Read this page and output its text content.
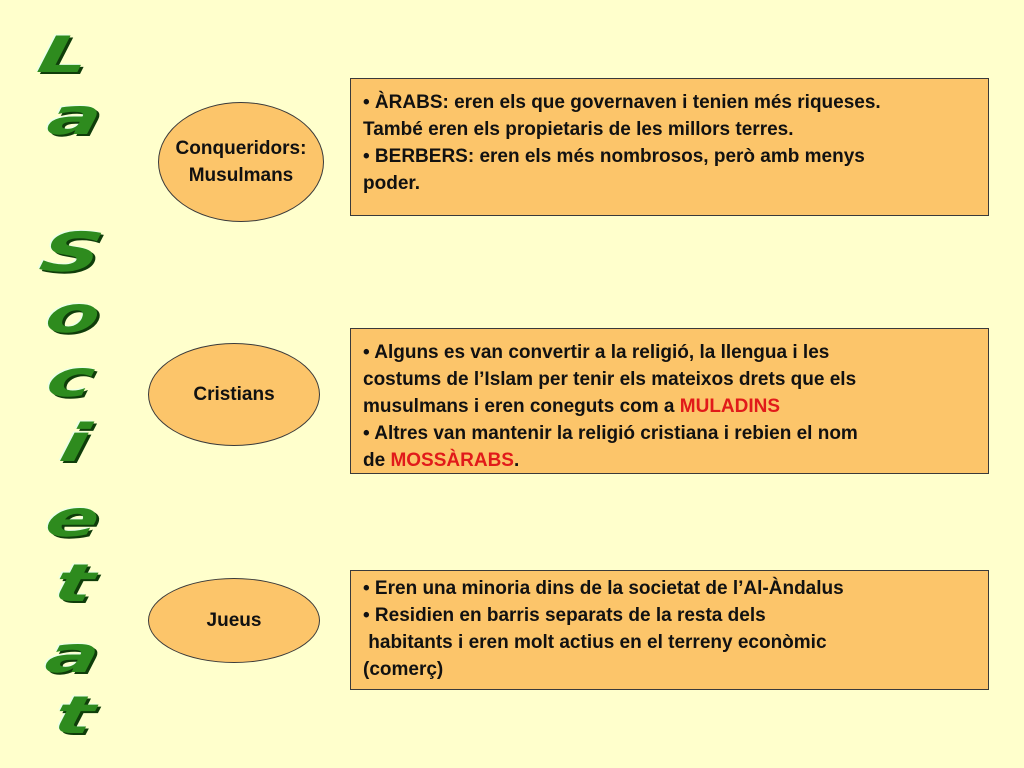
L
a
S
o
c
i
e
t
a
t
Conqueridors:
Musulmans

• ÀRABS: eren els que governaven i tenien més riqueses.

També eren els propietaris de les millors terres.

• BERBERS: eren els més nombrosos, però amb menys

poder.

Cristians

• Alguns es van convertir a la religió, la llengua i les

costums de l’Islam per tenir els mateixos drets que els

musulmans i eren coneguts com a MULADINS

• Altres van mantenir la religió cristiana i rebien el nom

de MOSSÀRABS.

Jueus

• Eren una minoria dins de la societat de l’Al-Àndalus

• Residien en barris separats de la resta dels

habitants i eren molt actius en el terreny econòmic

(comerç)
